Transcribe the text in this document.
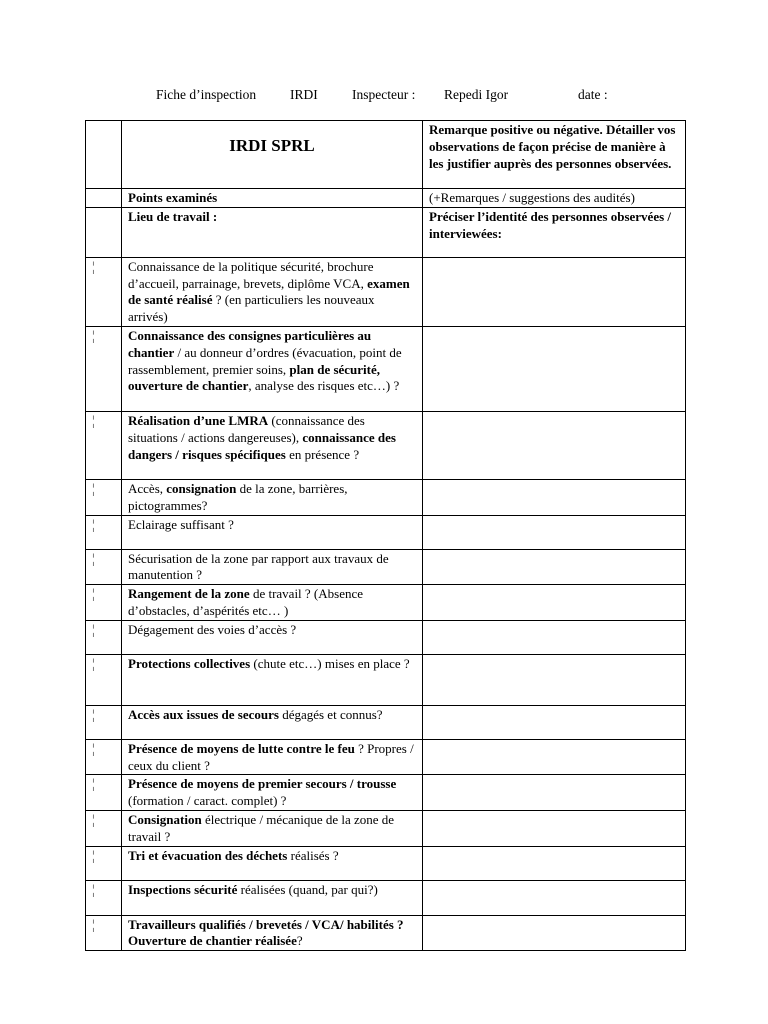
Fiche d’inspection	IRDI	Inspecteur : Repedi Igor	date :

	IRDI SPRL	Remarque positive ou négative. Détailler vos observations de façon précise de manière à les justifier auprès des personnes observées.

	Points examinés	(+Remarques / suggestions des audités)
	Lieu de travail :	Préciser l’identité des personnes observées / interviewées:
¦	Connaissance de la politique sécurité, brochure d’accueil, parrainage, brevets, diplôme VCA, examen de santé réalisé ? (en particuliers les nouveaux arrivés)	
¦	Connaissance des consignes particulières au chantier / au donneur d’ordres (évacuation, point de rassemblement, premier soins, plan de sécurité, ouverture de chantier, analyse des risques etc…) ?	
¦	Réalisation d’une LMRA (connaissance des situations / actions dangereuses), connaissance des dangers / risques spécifiques en présence ?	
¦	Accès, consignation de la zone, barrières, pictogrammes?	
¦	Eclairage suffisant ?	
¦	Sécurisation de la zone par rapport aux travaux de manutention ?	
¦	Rangement de la zone de travail ? (Absence d’obstacles, d’aspérités etc… )	
¦	Dégagement des voies d’accès ?	
¦	Protections collectives (chute etc…) mises en place ?	
¦	Accès aux issues de secours dégagés et connus?	
¦	Présence de moyens de lutte contre le feu ? Propres / ceux du client ?	
¦	Présence de moyens de premier secours / trousse (formation / caract. complet) ?	
¦	Consignation électrique / mécanique de la zone de travail ?	
¦	Tri et évacuation des déchets réalisés ?	
¦	Inspections sécurité réalisées (quand, par qui?)	
¦	Travailleurs qualifiés / brevetés / VCA/ habilités ? Ouverture de chantier réalisée?	
